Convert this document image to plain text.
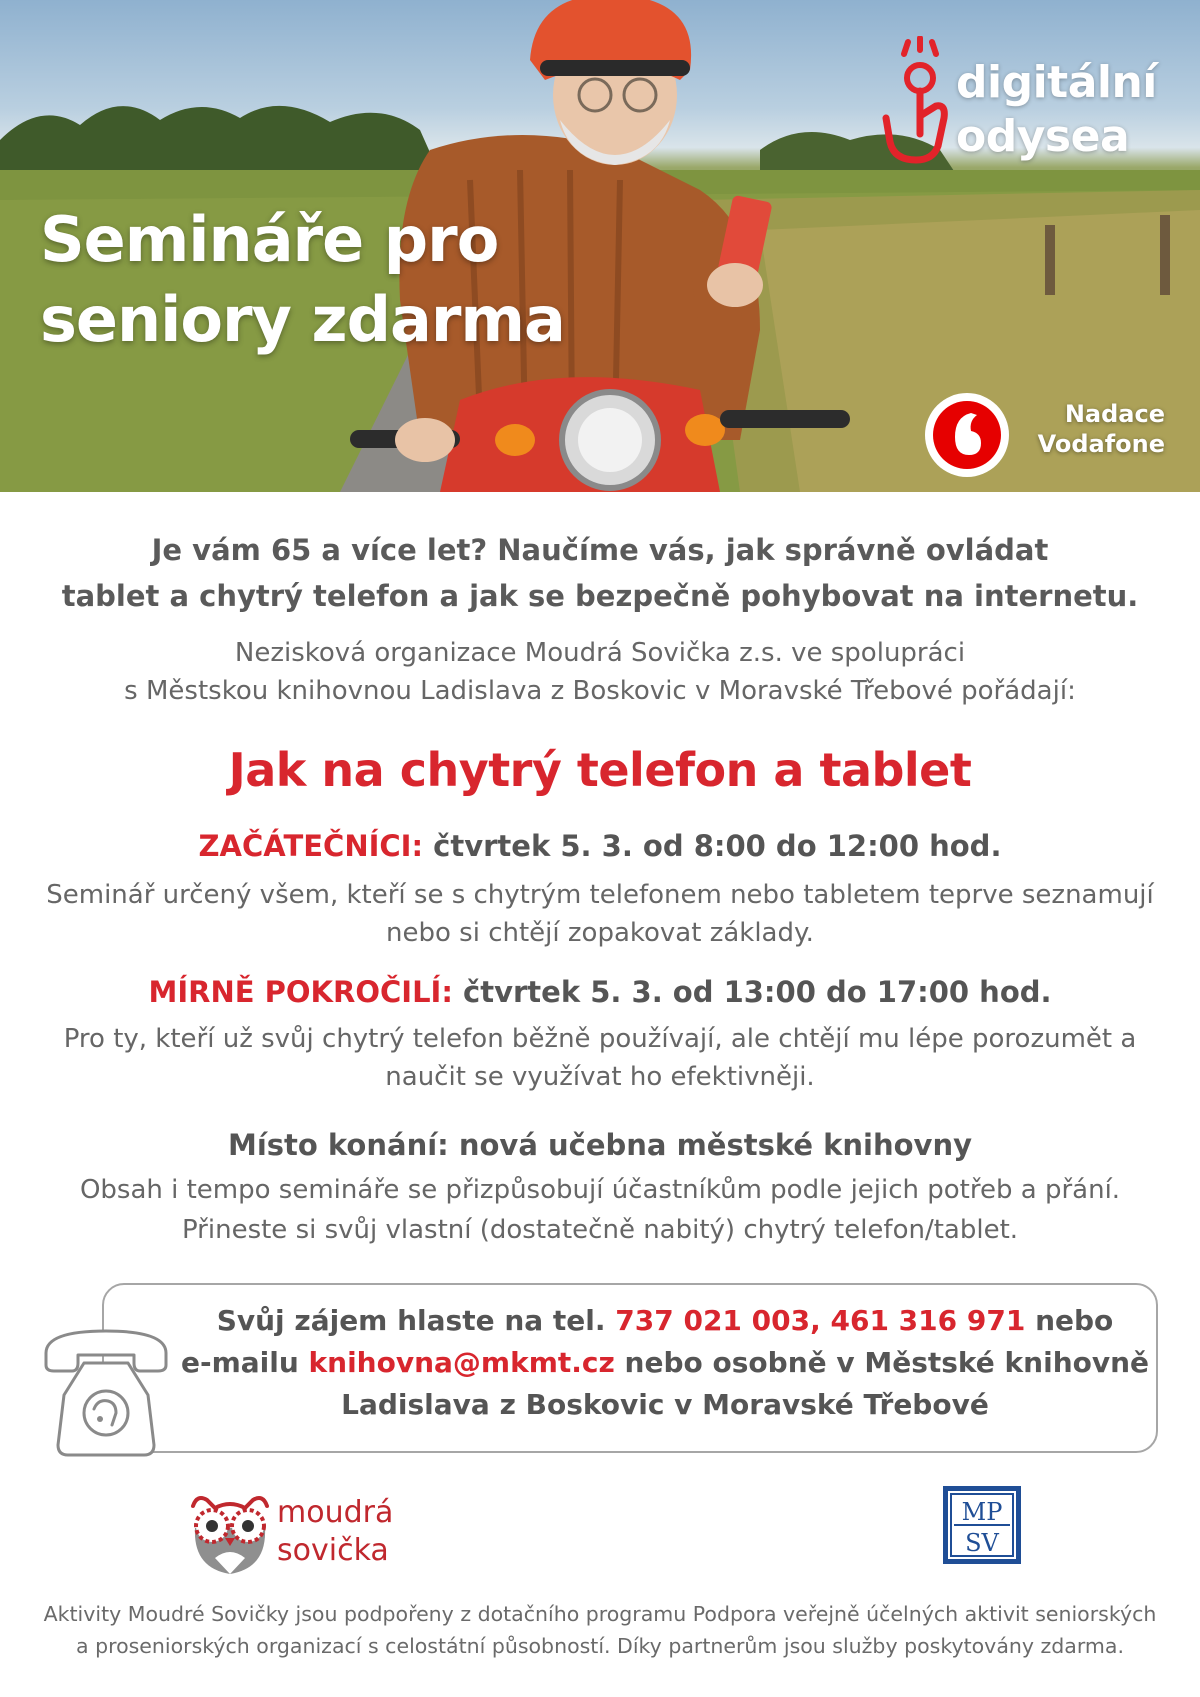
Semináře pro
seniory zdarma
digitální
odysea
Nadace
Vodafone
Je vám 65 a více let? Naučíme vás, jak správně ovládat
tablet a chytrý telefon a jak se bezpečně pohybovat na internetu.
Nezisková organizace Moudrá Sovička z.s. ve spolupráci
s Městskou knihovnou Ladislava z Boskovic v Moravské Třebové pořádají:
Jak na chytrý telefon a tablet
ZAČÁTEČNÍCI: čtvrtek 5. 3. od 8:00 do 12:00 hod.
Seminář určený všem, kteří se s chytrým telefonem nebo tabletem teprve seznamují
nebo si chtějí zopakovat základy.
MÍRNĚ POKROČILÍ: čtvrtek 5. 3. od 13:00 do 17:00 hod.
Pro ty, kteří už svůj chytrý telefon běžně používají, ale chtějí mu lépe porozumět a
naučit se využívat ho efektivněji.
Místo konání: nová učebna městské knihovny
Obsah i tempo semináře se přizpůsobují účastníkům podle jejich potřeb a přání.
Přineste si svůj vlastní (dostatečně nabitý) chytrý telefon/tablet.
Svůj zájem hlaste na tel. 737 021 003, 461 316 971 nebo
e-mailu knihovna@mkmt.cz nebo osobně v Městské knihovně
Ladislava z Boskovic v Moravské Třebové
moudrá
sovička
MP
SV
Aktivity Moudré Sovičky jsou podpořeny z dotačního programu Podpora veřejně účelných aktivit seniorských
a proseniorských organizací s celostátní působností. Díky partnerům jsou služby poskytovány zdarma.
